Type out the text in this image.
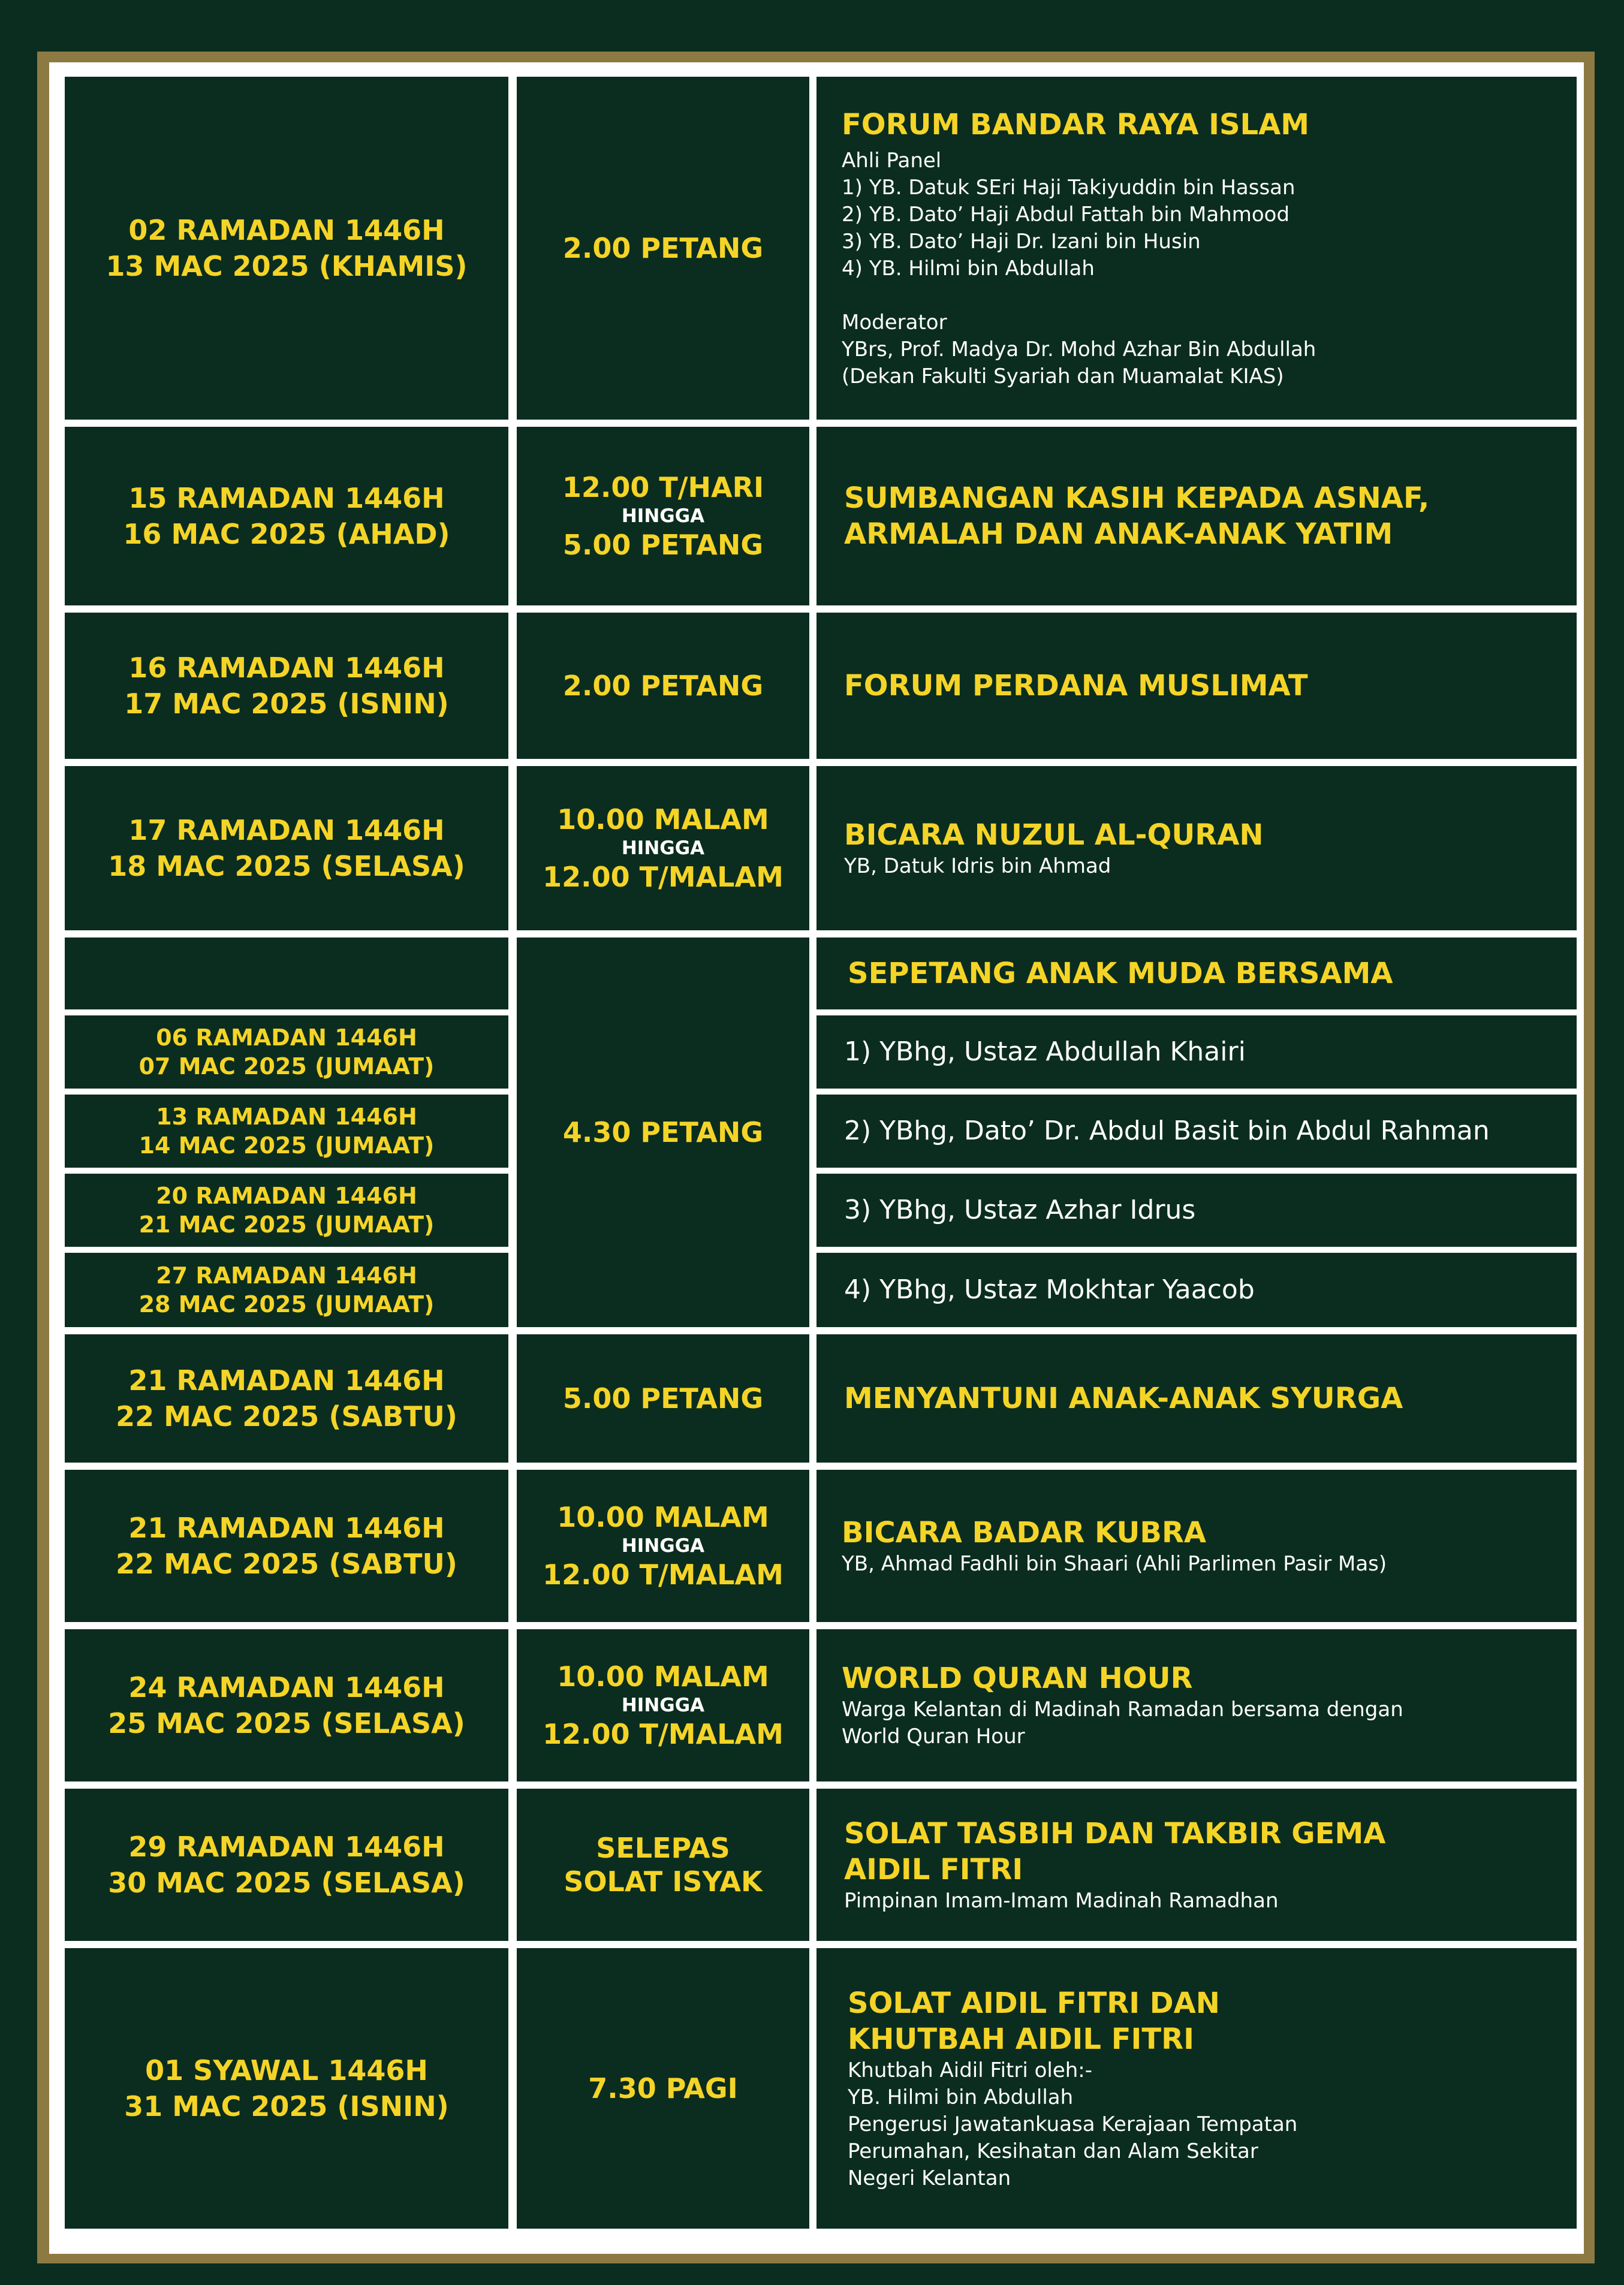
02 RAMADAN 1446H
13 MAC 2025 (KHAMIS)
2.00 PETANG
FORUM BANDAR RAYA ISLAM
Ahli Panel
1) YB. Datuk SEri Haji Takiyuddin bin Hassan
2) YB. Dato’ Haji Abdul Fattah bin Mahmood
3) YB. Dato’ Haji Dr. Izani bin Husin
4) YB. Hilmi bin Abdullah
Moderator
YBrs, Prof. Madya Dr. Mohd Azhar Bin Abdullah
(Dekan Fakulti Syariah dan Muamalat KIAS)
15 RAMADAN 1446H
16 MAC 2025 (AHAD)
12.00 T/HARI
HINGGA
5.00 PETANG
SUMBANGAN KASIH KEPADA ASNAF,
ARMALAH DAN ANAK-ANAK YATIM
16 RAMADAN 1446H
17 MAC 2025 (ISNIN)
2.00 PETANG	FORUM PERDANA MUSLIMAT
17 RAMADAN 1446H
18 MAC 2025 (SELASA)
10.00 MALAM
HINGGA
12.00 T/MALAM
BICARA NUZUL AL-QURAN
YB, Datuk Idris bin Ahmad
06 RAMADAN 1446H
07 MAC 2025 (JUMAAT)
13 RAMADAN 1446H
14 MAC 2025 (JUMAAT)
20 RAMADAN 1446H
21 MAC 2025 (JUMAAT)
27 RAMADAN 1446H
28 MAC 2025 (JUMAAT)
4.30 PETANG
SEPETANG ANAK MUDA BERSAMA
1) YBhg, Ustaz Abdullah Khairi
2) YBhg, Dato’ Dr. Abdul Basit bin Abdul Rahman
3) YBhg, Ustaz Azhar Idrus
4) YBhg, Ustaz Mokhtar Yaacob
21 RAMADAN 1446H
22 MAC 2025 (SABTU)
5.00 PETANG	MENYANTUNI ANAK-ANAK SYURGA
21 RAMADAN 1446H
22 MAC 2025 (SABTU)
10.00 MALAM
HINGGA
12.00 T/MALAM
BICARA BADAR KUBRA
YB, Ahmad Fadhli bin Shaari (Ahli Parlimen Pasir Mas)
24 RAMADAN 1446H
25 MAC 2025 (SELASA)
10.00 MALAM
HINGGA
12.00 T/MALAM
WORLD QURAN HOUR
Warga Kelantan di Madinah Ramadan bersama dengan
World Quran Hour
29 RAMADAN 1446H
30 MAC 2025 (SELASA)
SELEPAS
SOLAT ISYAK
SOLAT TASBIH DAN TAKBIR GEMA
AIDIL FITRI
Pimpinan Imam-Imam Madinah Ramadhan
01 SYAWAL 1446H
31 MAC 2025 (ISNIN)
7.30 PAGI
SOLAT AIDIL FITRI DAN
KHUTBAH AIDIL FITRI
Khutbah Aidil Fitri oleh:-
YB. Hilmi bin Abdullah
Pengerusi Jawatankuasa Kerajaan Tempatan
Perumahan, Kesihatan dan Alam Sekitar
Negeri Kelantan
